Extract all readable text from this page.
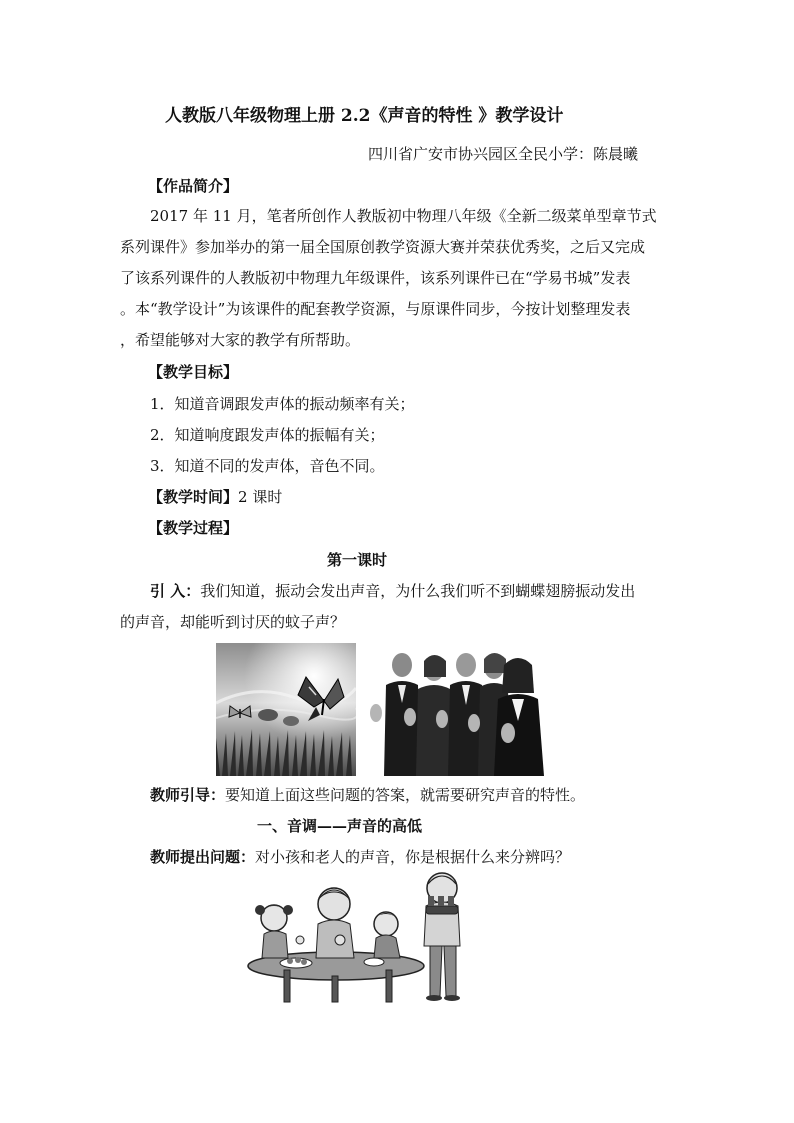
人教版八年级物理上册 2.2《声音的特性 》教学设计
四川省广安市协兴园区全民小学：陈晨曦
【作品简介】
2017 年 11 月，笔者所创作人教版初中物理八年级《全新二级菜单型章节式
系列课件》参加举办的第一届全国原创教学资源大赛并荣获优秀奖，之后又完成
了该系列课件的人教版初中物理九年级课件，该系列课件已在“学易书城”发表
。本“教学设计”为该课件的配套教学资源，与原课件同步，今按计划整理发表
，希望能够对大家的教学有所帮助。
【教学目标】
1．知道音调跟发声体的振动频率有关；
2．知道响度跟发声体的振幅有关；
3．知道不同的发声体，音色不同。
【教学时间】2 课时
【教学过程】
第一课时
引 入：我们知道，振动会发出声音，为什么我们听不到蝴蝶翅膀振动发出
的声音，却能听到讨厌的蚊子声？
教师引导：要知道上面这些问题的答案，就需要研究声音的特性。
一、音调——声音的高低
教师提出问题：对小孩和老人的声音，你是根据什么来分辨吗？
